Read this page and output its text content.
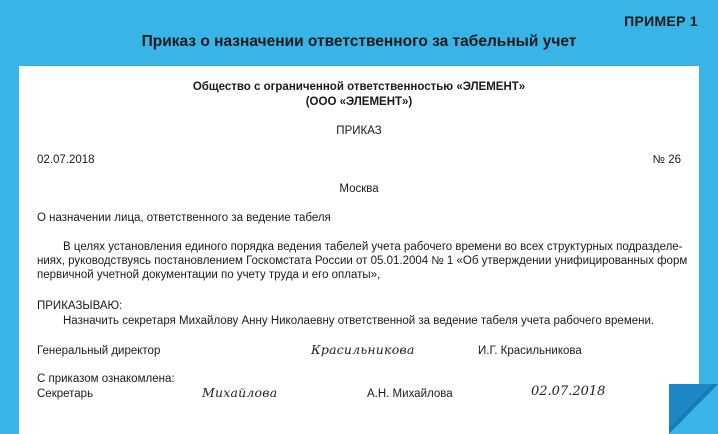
ПРИМЕР 1
Приказ о назначении ответственного за табельный учет
Общество с ограниченной ответственностью «ЭЛЕМЕНТ»
(ООО «ЭЛЕМЕНТ»)
ПРИКАЗ
02.07.2018	№ 26
Москва
О назначении лица, ответственного за ведение табеля
В целях установления единого порядка ведения табелей учета рабочего времени во всех структурных подразделе-
ниях, руководствуясь постановлением Госкомстата России от 05.01.2004 № 1 «Об утверждении унифицированных форм
первичной учетной документации по учету труда и его оплаты»,
ПРИКАЗЫВАЮ:
Назначить секретаря Михайлову Анну Николаевну ответственной за ведение табеля учета рабочего времени.
Генеральный директор	Красильникова	И.Г. Красильникова
С приказом ознакомлена:
Секретарь	Михайлова	А.Н. Михайлова	02.07.2018
